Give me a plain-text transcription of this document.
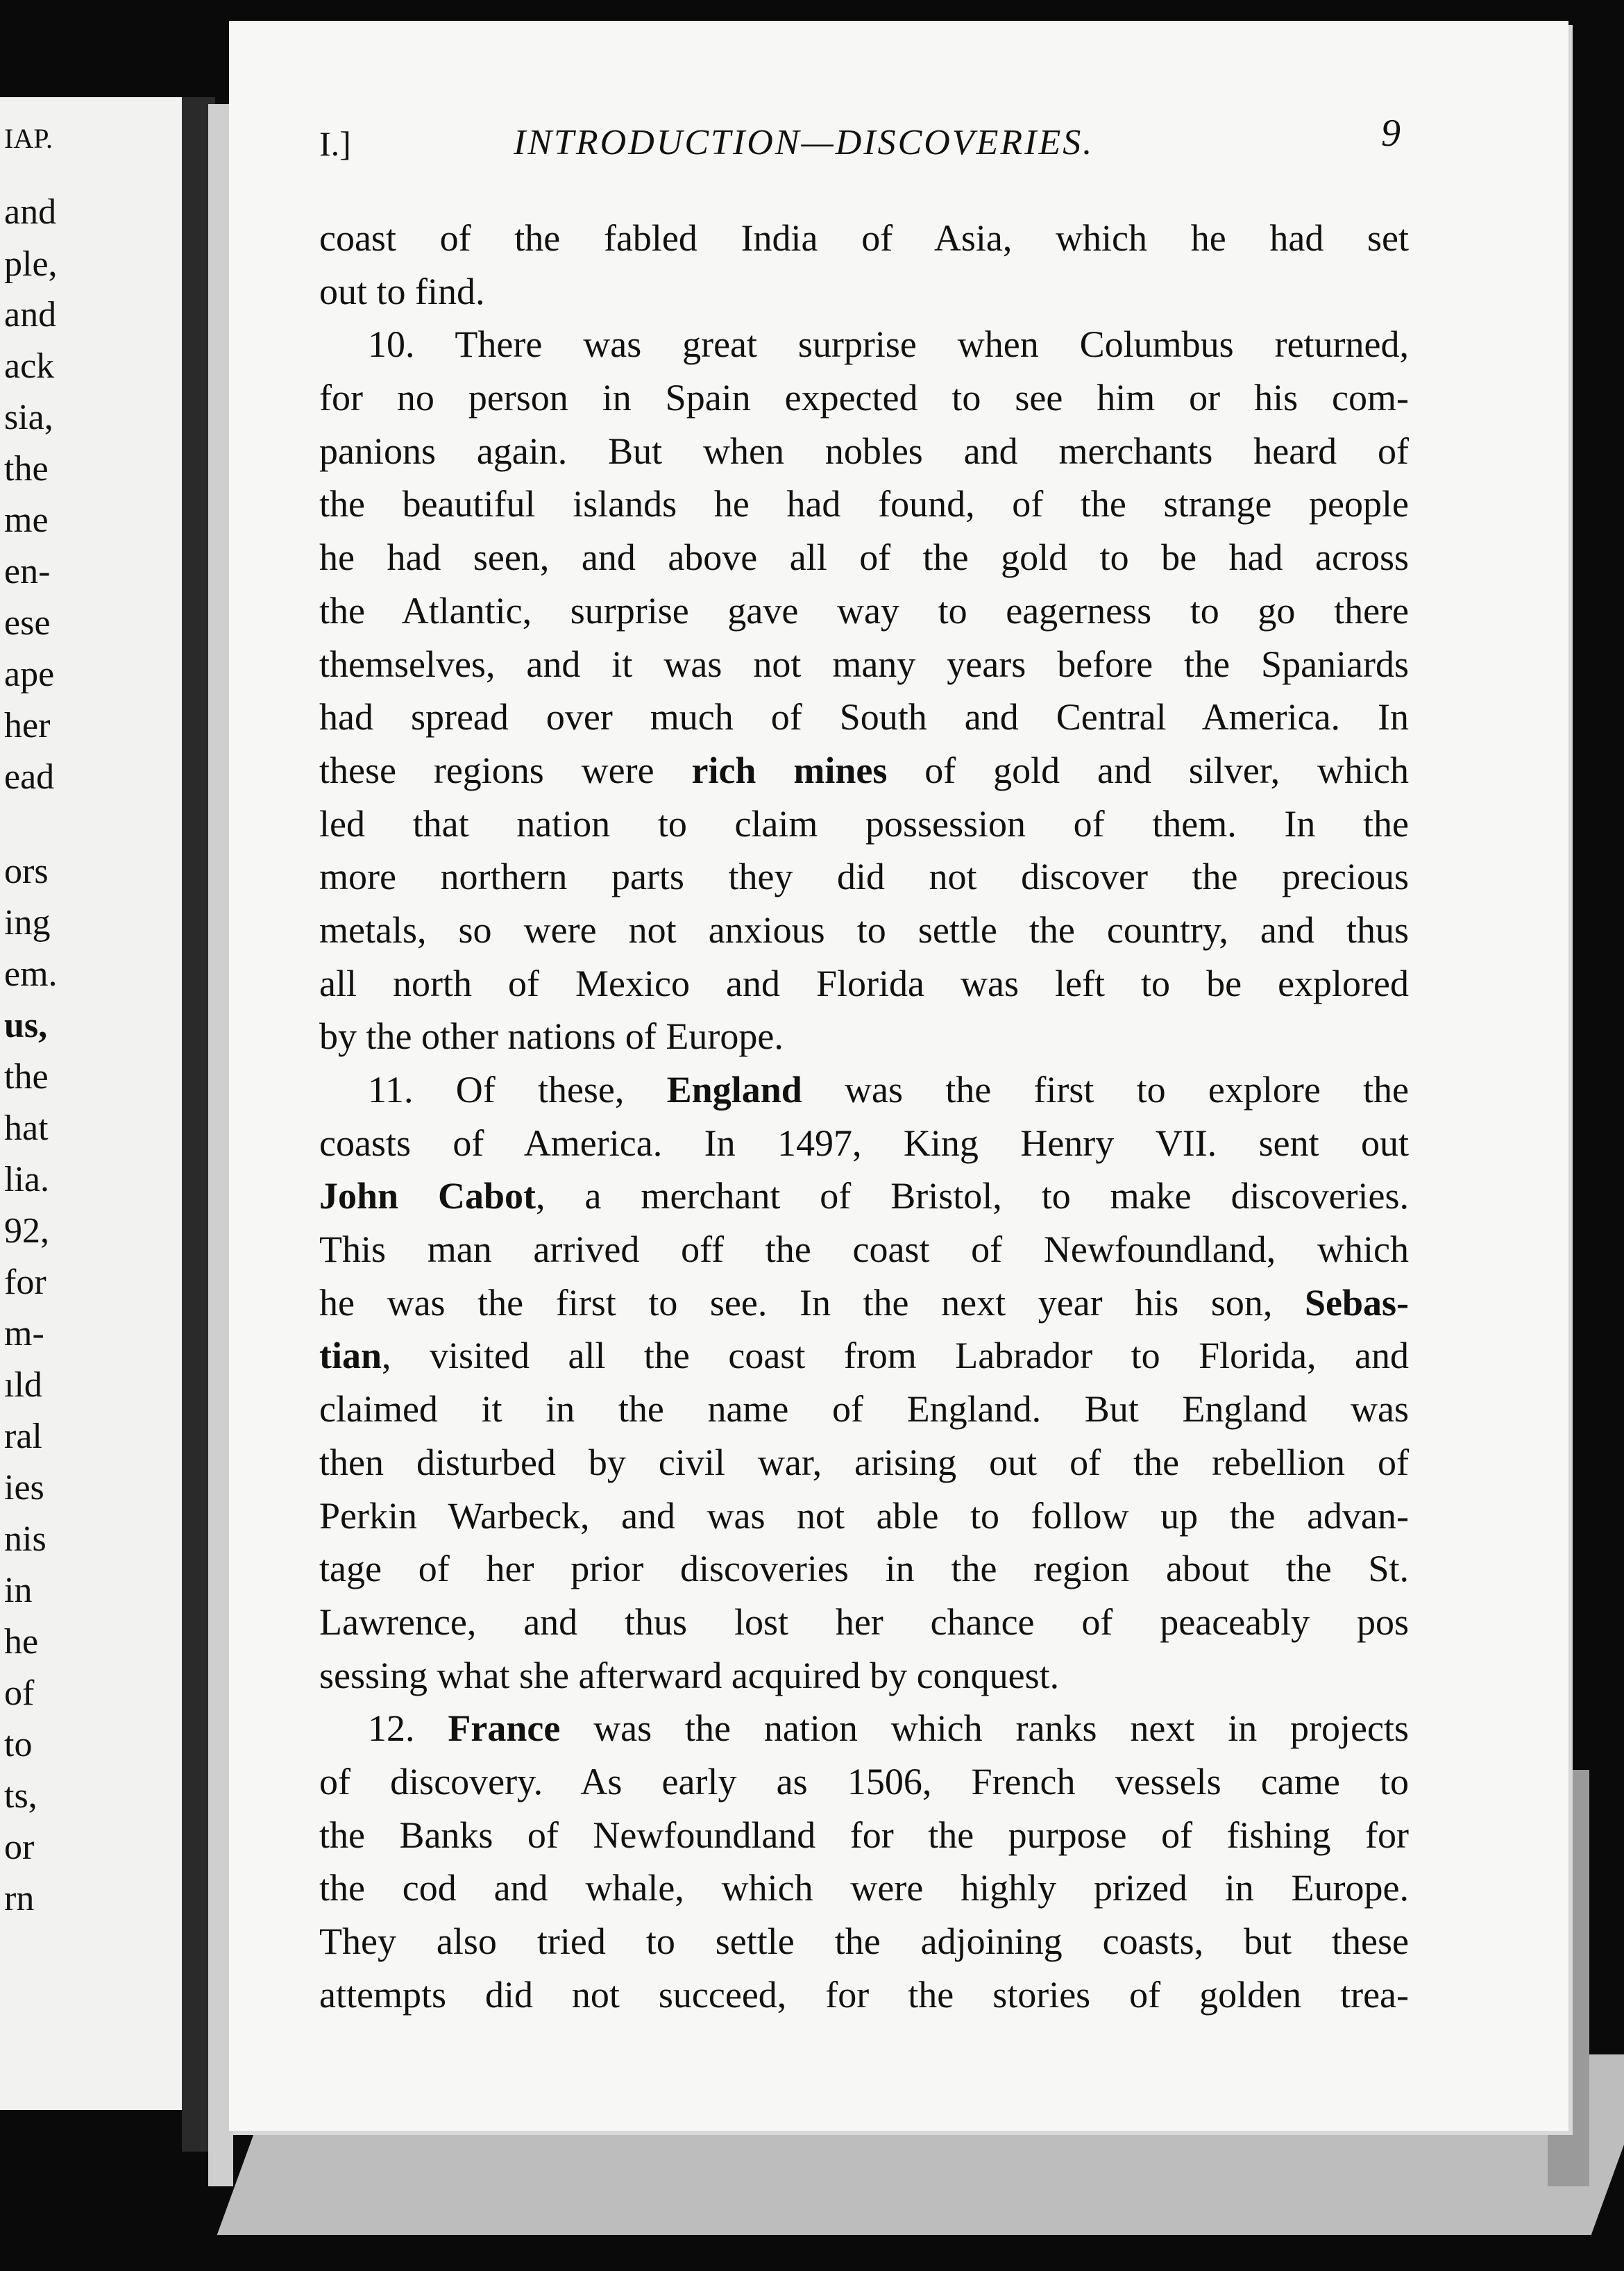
IAP.
and
ple,
and
ack
sia,
the
me
en-
ese
ape
her
ead
ors
ing
em.
us,
the
hat
lia.
92,
for
m-
ıld
ral
ies
nis
in
he
of
to
ts,
or
rn
I.]	INTRODUCTION—DISCOVERIES.	9
coast of the fabled India of Asia, which he had set
out to find.
10. There was great surprise when Columbus returned,
for no person in Spain expected to see him or his com-
panions again. But when nobles and merchants heard of
the beautiful islands he had found, of the strange people
he had seen, and above all of the gold to be had across
the Atlantic, surprise gave way to eagerness to go there
themselves, and it was not many years before the Spaniards
had spread over much of South and Central America. In
these regions were rich mines of gold and silver, which
led that nation to claim possession of them. In the
more northern parts they did not discover the precious
metals, so were not anxious to settle the country, and thus
all north of Mexico and Florida was left to be explored
by the other nations of Europe.
11. Of these, England was the first to explore the
coasts of America. In 1497, King Henry VII. sent out
John Cabot, a merchant of Bristol, to make discoveries.
This man arrived off the coast of Newfoundland, which
he was the first to see. In the next year his son, Sebas-
tian, visited all the coast from Labrador to Florida, and
claimed it in the name of England. But England was
then disturbed by civil war, arising out of the rebellion of
Perkin Warbeck, and was not able to follow up the advan-
tage of her prior discoveries in the region about the St.
Lawrence, and thus lost her chance of peaceably pos
sessing what she afterward acquired by conquest.
12. France was the nation which ranks next in projects
of discovery. As early as 1506, French vessels came to
the Banks of Newfoundland for the purpose of fishing for
the cod and whale, which were highly prized in Europe.
They also tried to settle the adjoining coasts, but these
attempts did not succeed, for the stories of golden trea-
